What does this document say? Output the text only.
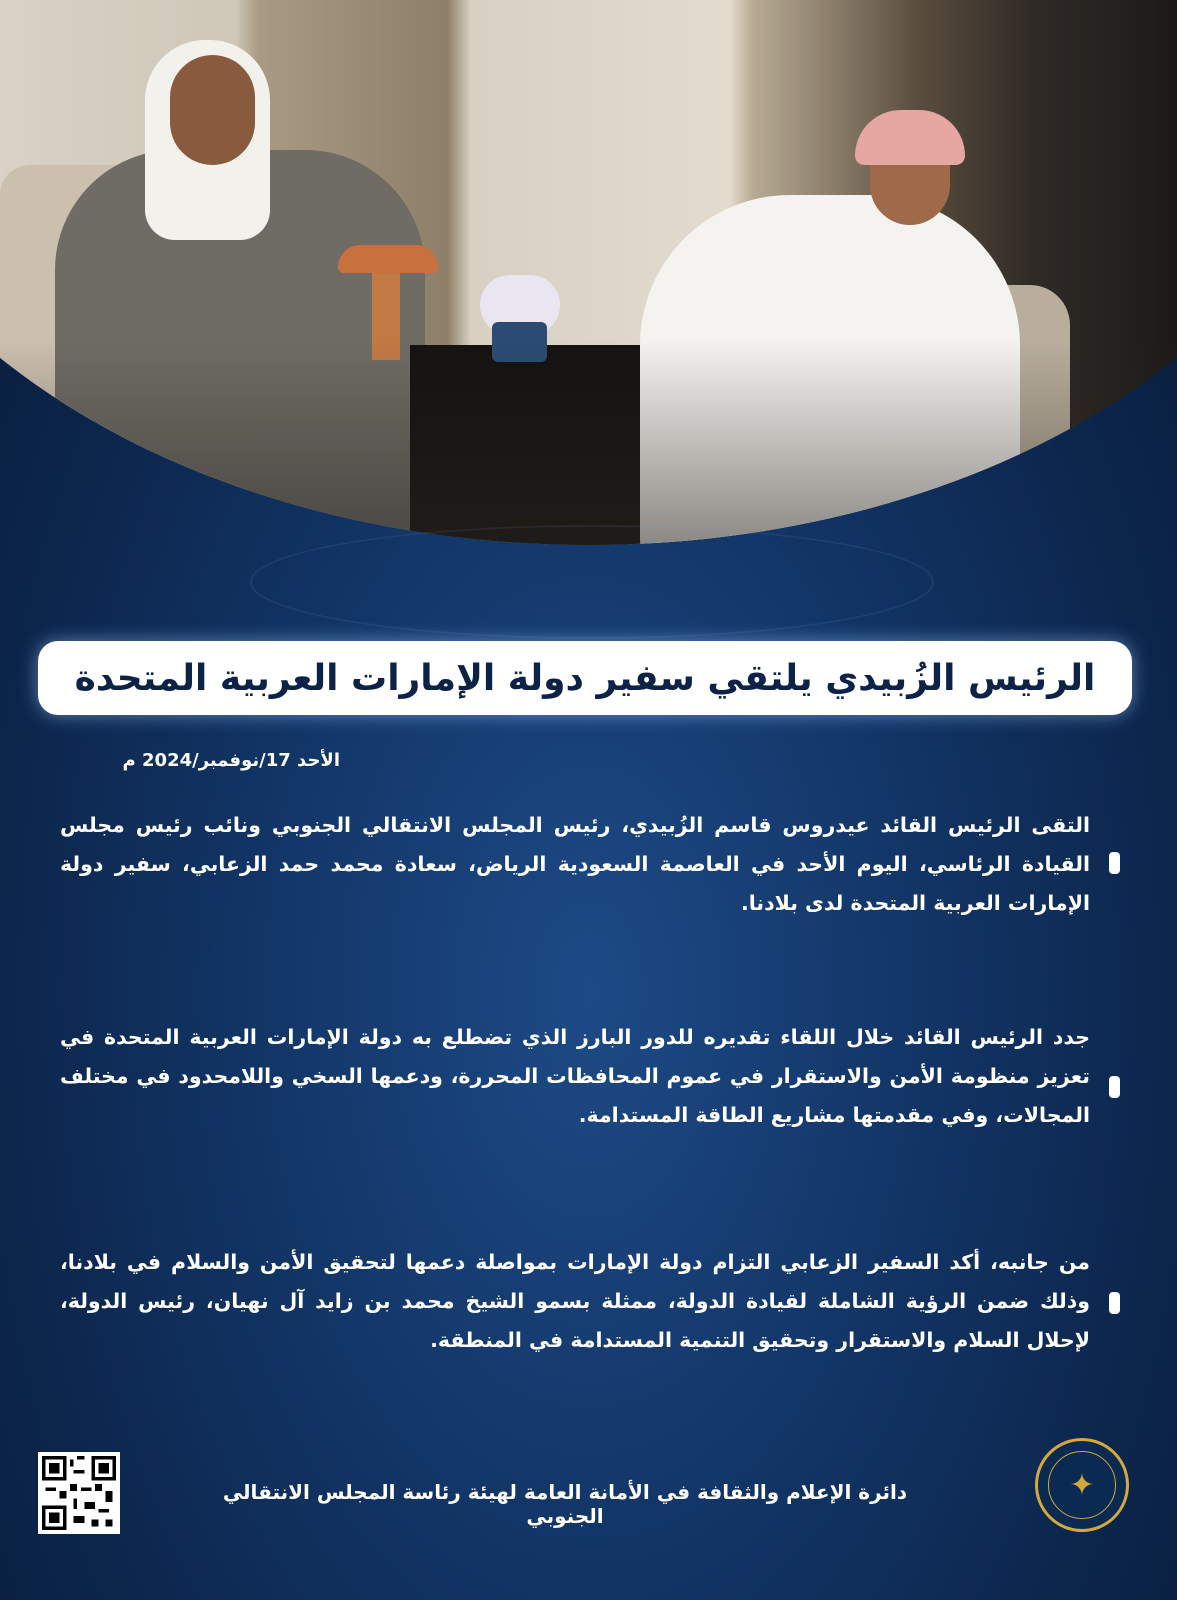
الرئيس الزُبيدي يلتقي سفير دولة الإمارات العربية المتحدة
الأحد 17/نوفمبر/2024 م
التقى الرئيس القائد عيدروس قاسم الزُبيدي، رئيس المجلس الانتقالي الجنوبي ونائب رئيس مجلس القيادة الرئاسي، اليوم الأحد في العاصمة السعودية الرياض، سعادة محمد حمد الزعابي، سفير دولة الإمارات العربية المتحدة لدى بلادنا.
جدد الرئيس القائد خلال اللقاء تقديره للدور البارز الذي تضطلع به دولة الإمارات العربية المتحدة في تعزيز منظومة الأمن والاستقرار في عموم المحافظات المحررة، ودعمها السخي واللامحدود في مختلف المجالات، وفي مقدمتها مشاريع الطاقة المستدامة.
من جانبه، أكد السفير الزعابي التزام دولة الإمارات بمواصلة دعمها لتحقيق الأمن والسلام في بلادنا، وذلك ضمن الرؤية الشاملة لقيادة الدولة، ممثلة بسمو الشيخ محمد بن زايد آل نهيان، رئيس الدولة، لإحلال السلام والاستقرار وتحقيق التنمية المستدامة في المنطقة.
دائرة الإعلام والثقافة في الأمانة العامة لهيئة رئاسة المجلس الانتقالي الجنوبي
✦
